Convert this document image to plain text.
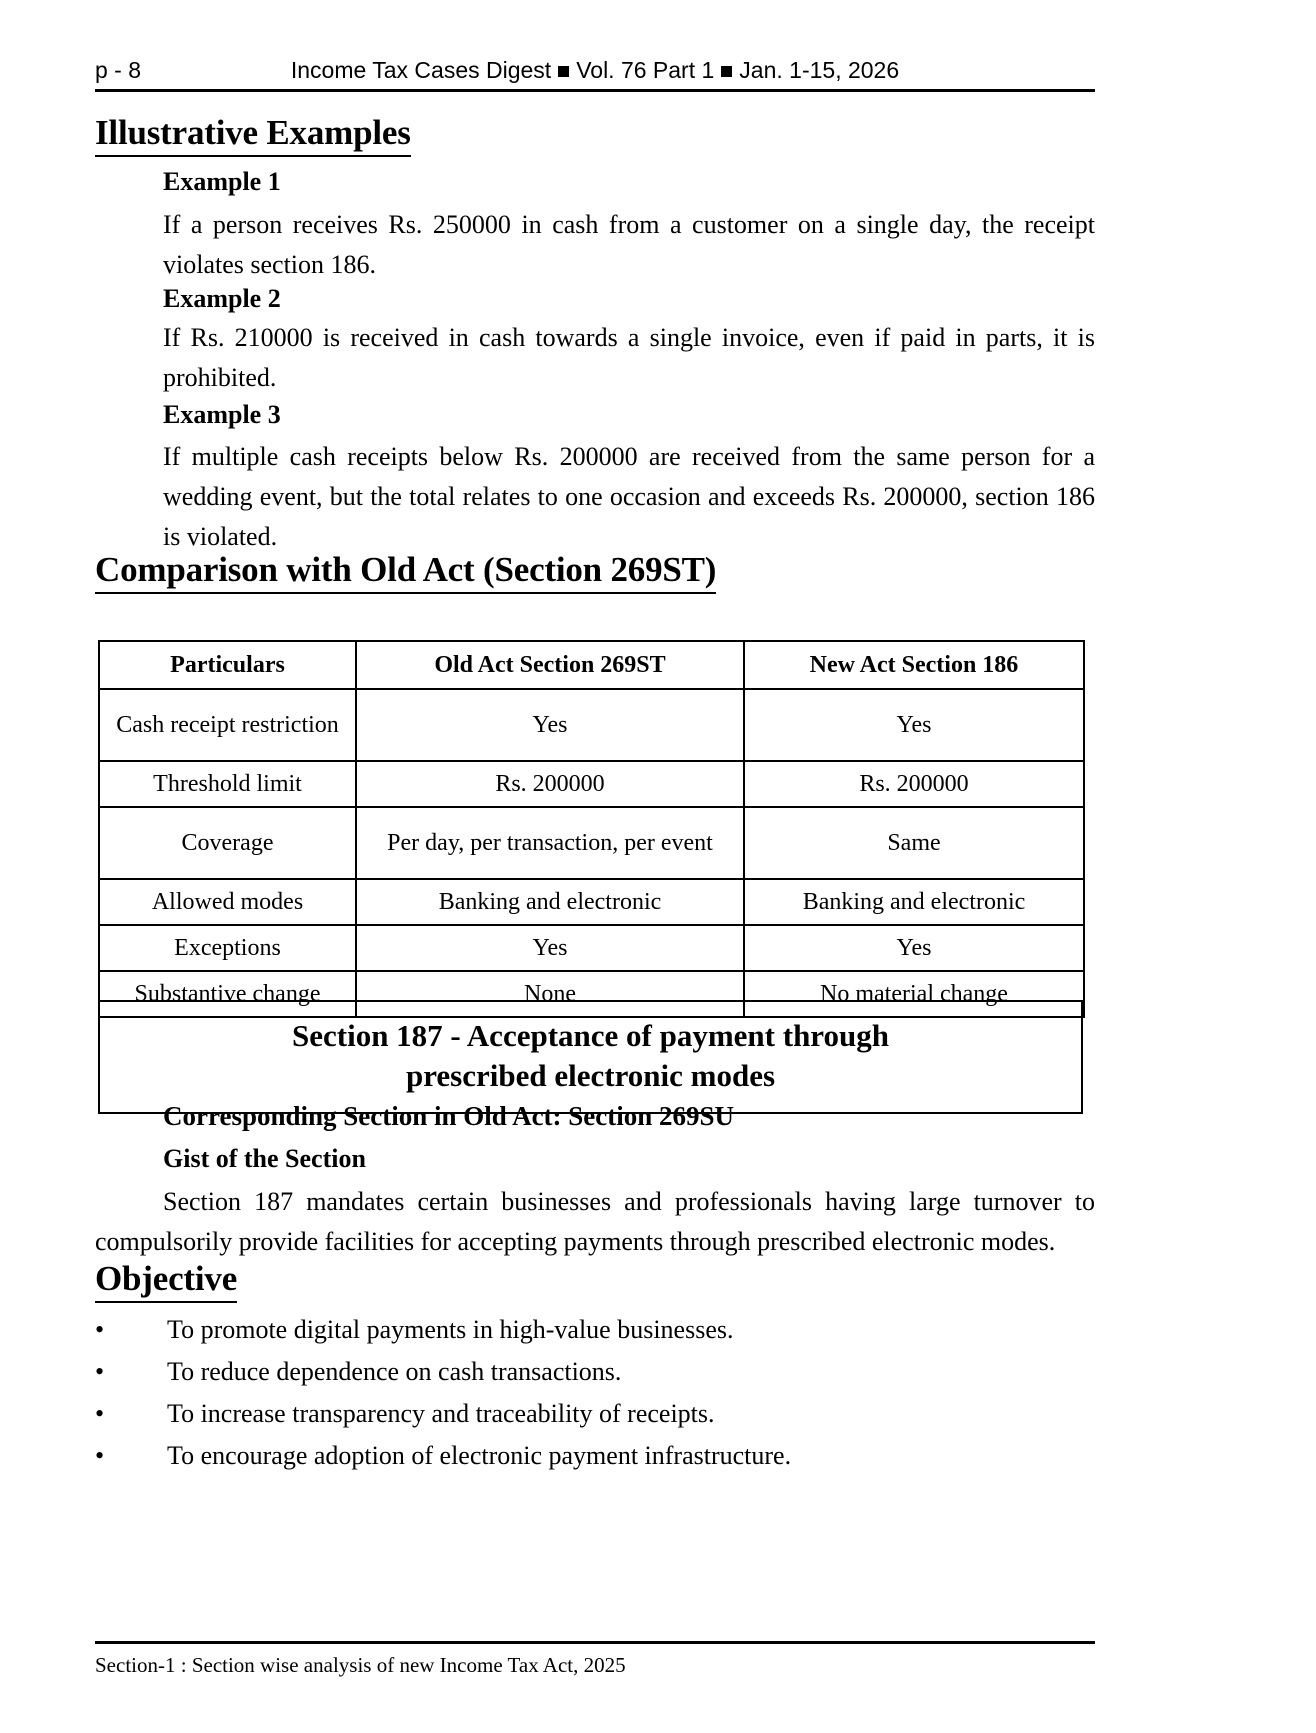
p - 8	Income Tax Cases Digest Vol. 76 Part 1 Jan. 1-15, 2026
Illustrative Examples
Example 1
If a person receives Rs. 250000 in cash from a customer on a single day, the receipt violates section 186.
Example 2
If Rs. 210000 is received in cash towards a single invoice, even if paid in parts, it is prohibited.
Example 3
If multiple cash receipts below Rs. 200000 are received from the same person for a wedding event, but the total relates to one occasion and exceeds Rs. 200000, section 186 is violated.
Comparison with Old Act (Section 269ST)
Particulars	Old Act Section 269ST	New Act Section 186
Cash receipt restriction	Yes	Yes
Threshold limit	Rs. 200000	Rs. 200000
Coverage	Per day, per transaction, per event	Same
Allowed modes	Banking and electronic	Banking and electronic
Exceptions	Yes	Yes
Substantive change	None	No material change
Section 187 - Acceptance of payment through
prescribed electronic modes
Corresponding Section in Old Act: Section 269SU
Gist of the Section
Section 187 mandates certain businesses and professionals having large turnover to compulsorily provide facilities for accepting payments through prescribed electronic modes.
Objective
•	To promote digital payments in high-value businesses.
•	To reduce dependence on cash transactions.
•	To increase transparency and traceability of receipts.
•	To encourage adoption of electronic payment infrastructure.
Section-1 : Section wise analysis of new Income Tax Act, 2025
